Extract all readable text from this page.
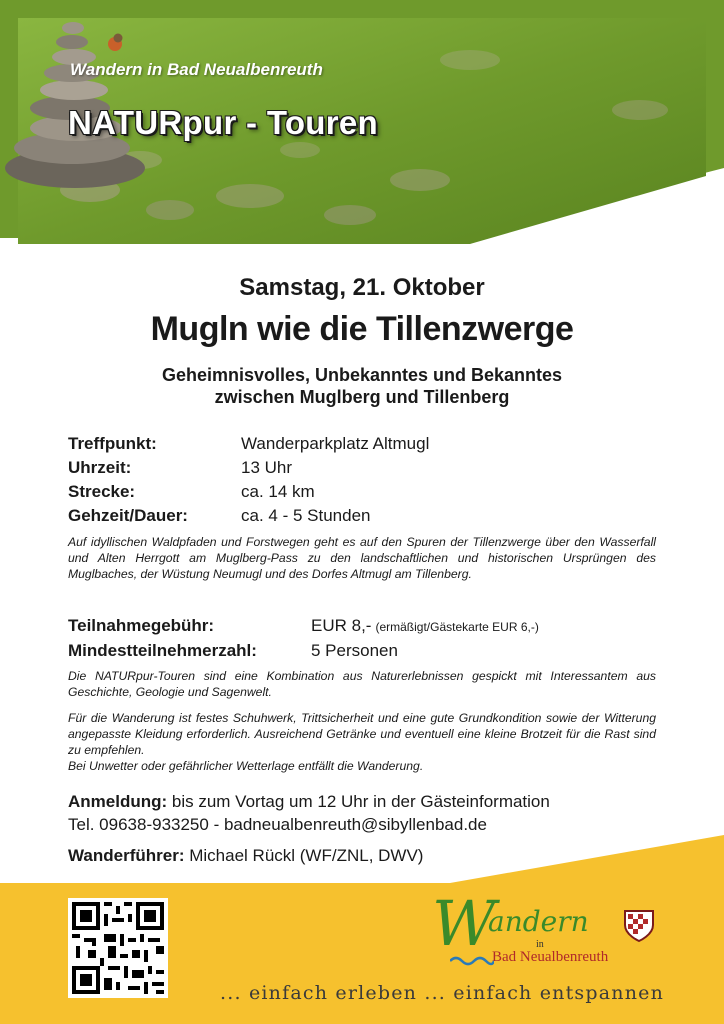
Wandern in Bad Neualbenreuth
NATURpur - Touren
Samstag, 21. Oktober
Mugln wie die Tillenzwerge
Geheimnisvolles, Unbekanntes und Bekanntes
zwischen Muglberg und Tillenberg
Treffpunkt:	Wanderparkplatz Altmugl
Uhrzeit:	13 Uhr
Strecke:	ca. 14 km
Gehzeit/Dauer:	ca. 4 - 5 Stunden
Auf idyllischen Waldpfaden und Forstwegen geht es auf den Spuren der Tillenzwerge über den Wasserfall und Alten Herrgott am Muglberg-Pass zu den landschaftlichen und historischen Ursprüngen des Muglbaches, der Wüstung Neumugl und des Dorfes Altmugl am Tillenberg.
Teilnahmegebühr:	EUR 8,- (ermäßigt/Gästekarte EUR 6,-)
Mindestteilnehmerzahl:	5 Personen
Die NATURpur-Touren sind eine Kombination aus Naturerlebnissen gespickt mit Interessantem aus Geschichte, Geologie und Sagenwelt.
Für die Wanderung ist festes Schuhwerk, Trittsicherheit und eine gute Grundkondition sowie der Witterung angepasste Kleidung erforderlich. Ausreichend Getränke und eventuell eine kleine Brotzeit für die Rast sind zu empfehlen.
Bei Unwetter oder gefährlicher Wetterlage entfällt die Wanderung.
Anmeldung: bis zum Vortag um 12 Uhr in der Gästeinformation
Tel. 09638-933250 - badneualbenreuth@sibyllenbad.de
Wanderführer: Michael Rückl (WF/ZNL, DWV)
W
andern
in
Bad Neualbenreuth
... einfach erleben ... einfach entspannen
